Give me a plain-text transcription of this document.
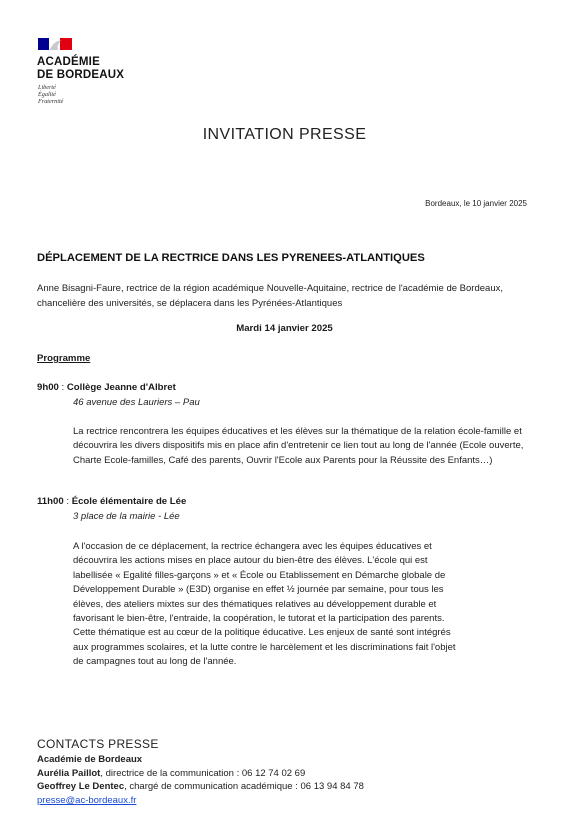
ACADÉMIE
DE BORDEAUX
Liberté
Égalité
Fraternité
INVITATION PRESSE
Bordeaux, le 10 janvier 2025
DÉPLACEMENT DE LA RECTRICE DANS LES PYRENEES-ATLANTIQUES
Anne Bisagni-Faure, rectrice de la région académique Nouvelle-Aquitaine, rectrice de l'académie de Bordeaux, chancelière des universités, se déplacera dans les Pyrénées-Atlantiques
Mardi 14 janvier 2025
Programme
9h00 : Collège Jeanne d'Albret
46 avenue des Lauriers – Pau
La rectrice rencontrera les équipes éducatives et les élèves sur la thématique de la relation école-famille et découvrira les divers dispositifs mis en place afin d'entretenir ce lien tout au long de l'année (Ecole ouverte, Charte Ecole-familles, Café des parents, Ouvrir l'Ecole aux Parents pour la Réussite des Enfants…)
11h00 : École élémentaire de Lée
3 place de la mairie - Lée
A l'occasion de ce déplacement, la rectrice échangera avec les équipes éducatives et
découvrira les actions mises en place autour du bien-être des élèves. L'école qui est
labellisée « Egalité filles-garçons » et « École ou Etablissement en Démarche globale de
Développement Durable » (E3D) organise en effet ½ journée par semaine, pour tous les
élèves, des ateliers mixtes sur des thématiques relatives au développement durable et
favorisant le bien-être, l'entraide, la coopération, le tutorat et la participation des parents.
Cette thématique est au cœur de la politique éducative. Les enjeux de santé sont intégrés
aux programmes scolaires, et la lutte contre le harcèlement et les discriminations fait l'objet
de campagnes tout au long de l'année.
CONTACTS PRESSE
Académie de Bordeaux
Aurélia Paillot, directrice de la communication : 06 12 74 02 69
Geoffrey Le Dentec, chargé de communication académique : 06 13 94 84 78
presse@ac-bordeaux.fr
